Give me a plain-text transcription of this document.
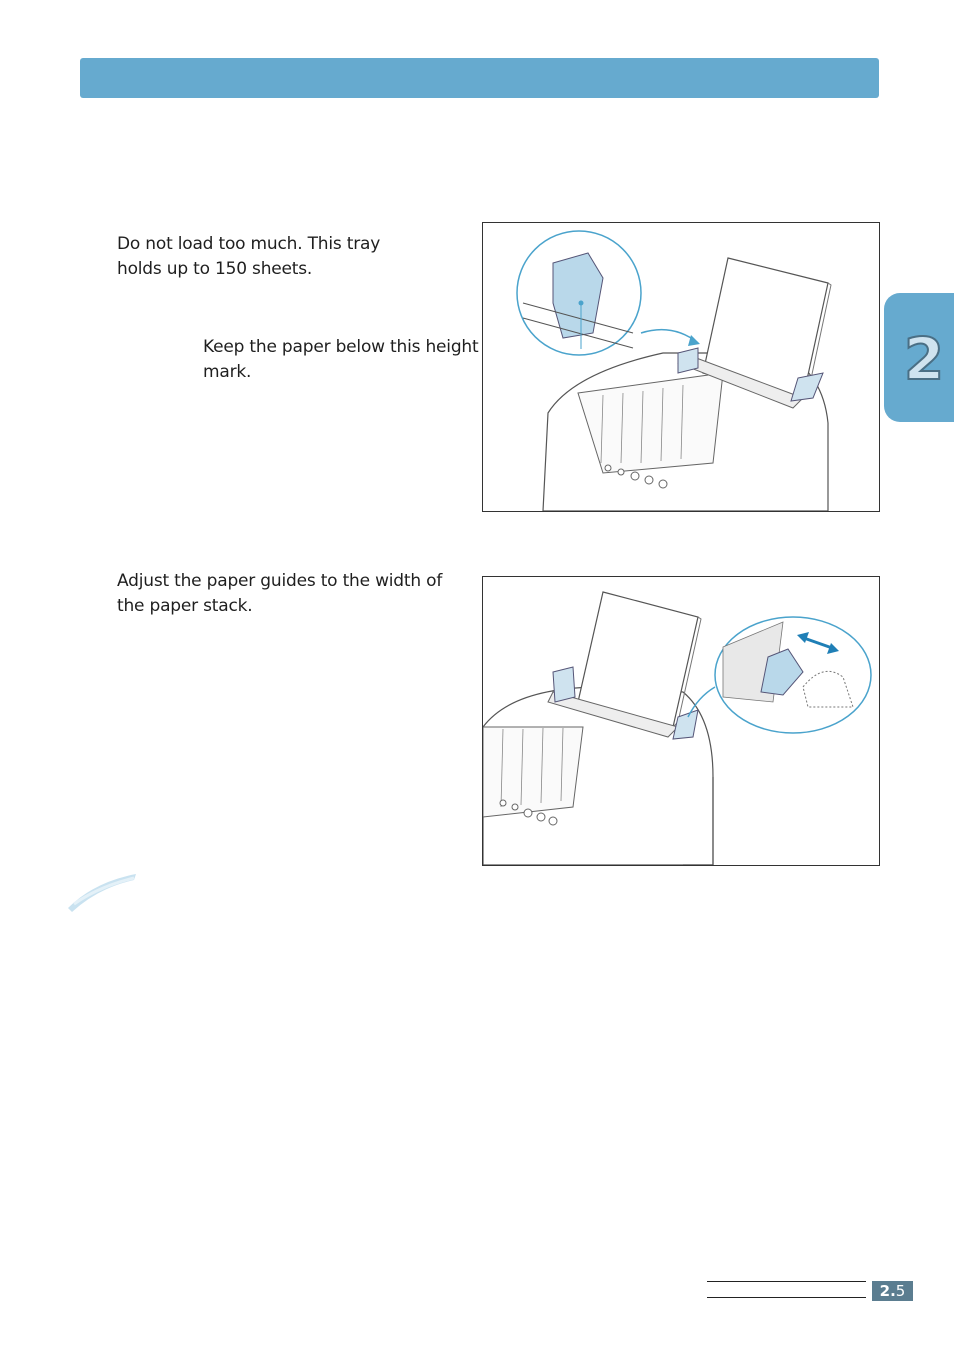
Do not load too much. This tray holds up to 150 sheets.
Keep the paper below this height mark.
Adjust the paper guides to the width of the paper stack.
2
2.5
